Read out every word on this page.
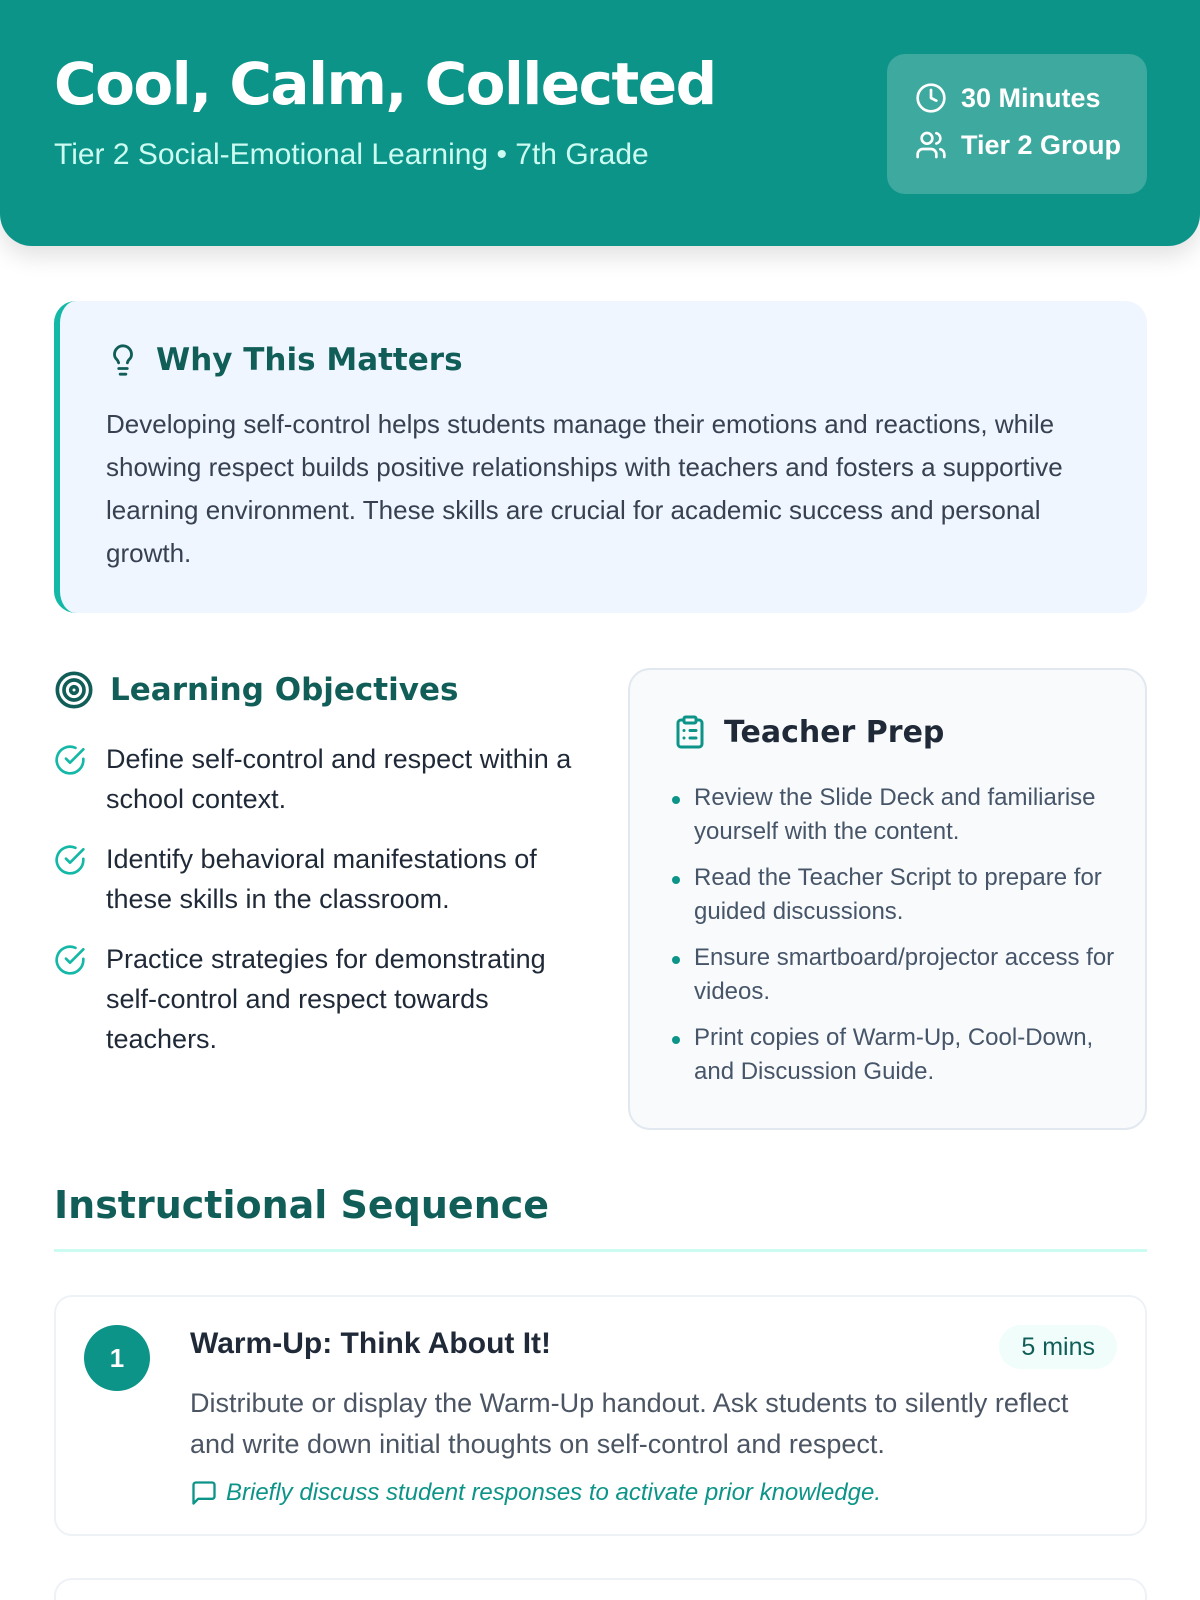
Cool, Calm, Collected
Tier 2 Social-Emotional Learning • 7th Grade
30 Minutes
Tier 2 Group
Why This Matters

Developing self-control helps students manage their emotions and reactions, while showing respect builds positive relationships with teachers and fosters a supportive learning environment. These skills are crucial for academic success and personal growth.

Learning Objectives
Define self-control and respect within a school context.
Identify behavioral manifestations of these skills in the classroom.
Practice strategies for demonstrating self-control and respect towards teachers.
Teacher Prep
Review the Slide Deck and familiarise yourself with the content.
Read the Teacher Script to prepare for guided discussions.
Ensure smartboard/projector access for videos.
Print copies of Warm-Up, Cool-Down, and Discussion Guide.
Instructional Sequence
1	Warm-Up: Think About It!	5 mins

Distribute or display the Warm-Up handout. Ask students to silently reflect and write down initial thoughts on self-control and respect.

Briefly discuss student responses to activate prior knowledge.
